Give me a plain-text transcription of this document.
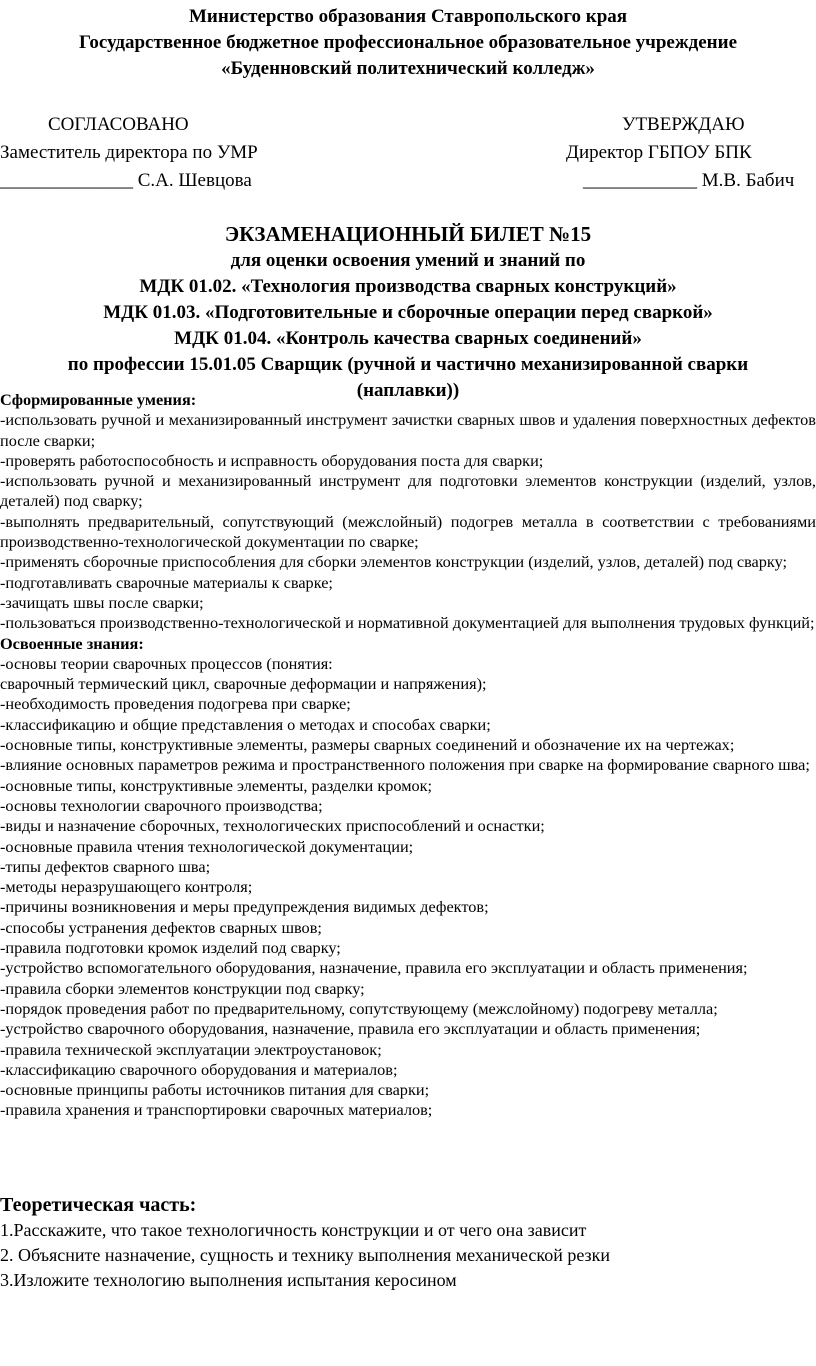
Министерство образования Ставропольского края
Государственное бюджетное профессиональное образовательное учреждение
«Буденновский политехнический колледж»
СОГЛАСОВАНО	УТВЕРЖДАЮ
Заместитель директора по УМР	Директор ГБПОУ БПК
______________ С.А. Шевцова	____________ М.В. Бабич
ЭКЗАМЕНАЦИОННЫЙ БИЛЕТ №15
для оценки освоения умений и знаний по
МДК 01.02. «Технология производства сварных конструкций»
МДК 01.03. «Подготовительные и сборочные операции перед сваркой»
МДК 01.04. «Контроль качества сварных соединений»
по профессии 15.01.05 Сварщик (ручной и частично механизированной сварки
(наплавки))

Сформированные умения:

-использовать ручной и механизированный инструмент зачистки сварных швов и удаления поверхностных дефектов после сварки;

-проверять работоспособность и исправность оборудования поста для сварки;

-использовать ручной и механизированный инструмент для подготовки элементов конструкции (изделий, узлов, деталей) под сварку;

-выполнять предварительный, сопутствующий (межслойный) подогрев металла в соответствии с требованиями производственно-технологической документации по сварке;

-применять сборочные приспособления для сборки элементов конструкции (изделий, узлов, деталей) под сварку;

-подготавливать сварочные материалы к сварке;

-зачищать швы после сварки;

-пользоваться производственно-технологической и нормативной документацией для выполнения трудовых функций;

Освоенные знания:

-основы теории сварочных процессов (понятия:

сварочный термический цикл, сварочные деформации и напряжения);

-необходимость проведения подогрева при сварке;

-классификацию и общие представления о методах и способах сварки;

-основные типы, конструктивные элементы, размеры сварных соединений и обозначение их на чертежах;

-влияние основных параметров режима и пространственного положения при сварке на формирование сварного шва;

-основные типы, конструктивные элементы, разделки кромок;

-основы технологии сварочного производства;

-виды и назначение сборочных, технологических приспособлений и оснастки;

-основные правила чтения технологической документации;

-типы дефектов сварного шва;

-методы неразрушающего контроля;

-причины возникновения и меры предупреждения видимых дефектов;

-способы устранения дефектов сварных швов;

-правила подготовки кромок изделий под сварку;

-устройство вспомогательного оборудования, назначение, правила его эксплуатации и область применения;

-правила сборки элементов конструкции под сварку;

-порядок проведения работ по предварительному, сопутствующему (межслойному) подогреву металла;

-устройство сварочного оборудования, назначение, правила его эксплуатации и область применения;

-правила технической эксплуатации электроустановок;

-классификацию сварочного оборудования и материалов;

-основные принципы работы источников питания для сварки;

-правила хранения и транспортировки сварочных материалов;

Теоретическая часть:

1.Расскажите, что такое технологичность конструкции и от чего она зависит

2. Объясните назначение, сущность и технику выполнения механической резки

3.Изложите технологию выполнения испытания керосином
